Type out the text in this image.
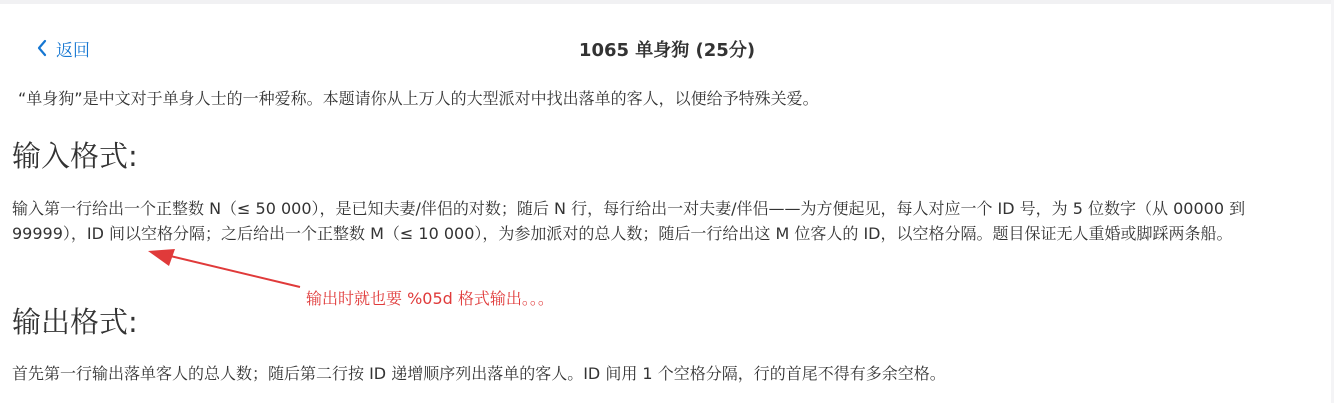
返回	1065 单身狗 (25分)
“单身狗”是中文对于单身人士的一种爱称。本题请你从上万人的大型派对中找出落单的客人，以便给予特殊关爱。
输入格式:
输入第一行给出一个正整数 N（≤ 50 000），是已知夫妻/伴侣的对数；随后 N 行，每行给出一对夫妻/伴侣——为方便起见，每人对应一个 ID 号，为 5 位数字（从 00000 到 99999），ID 间以空格分隔；之后给出一个正整数 M（≤ 10 000），为参加派对的总人数；随后一行给出这 M 位客人的 ID，以空格分隔。题目保证无人重婚或脚踩两条船。
输出格式:
首先第一行输出落单客人的总人数；随后第二行按 ID 递增顺序列出落单的客人。ID 间用 1 个空格分隔，行的首尾不得有多余空格。
输出时就也要 %05d 格式输出。。。
